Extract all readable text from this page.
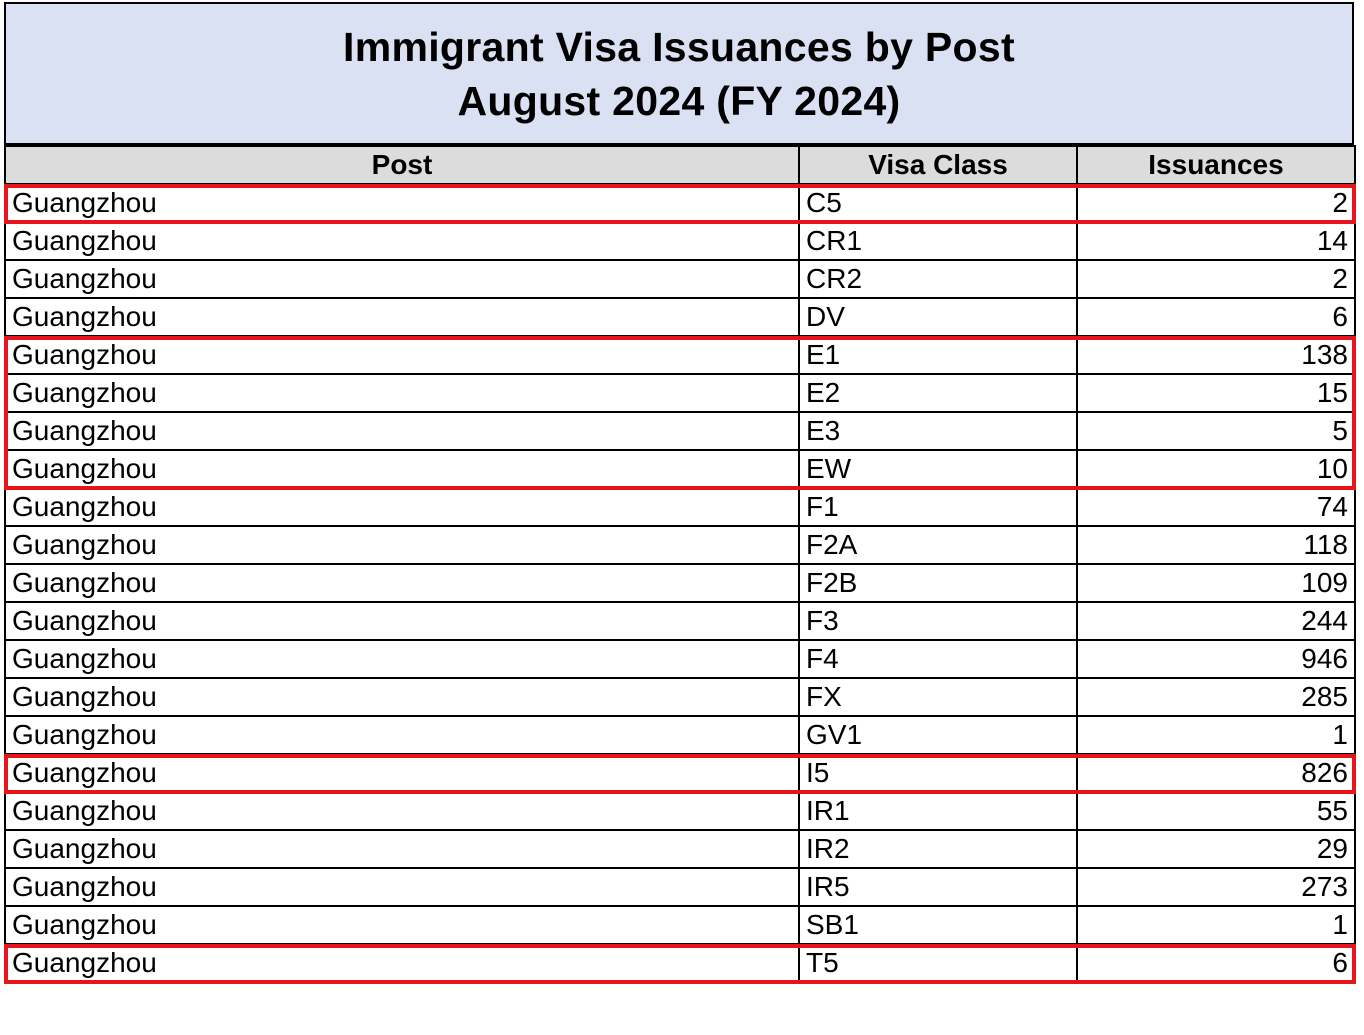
Immigrant Visa Issuances by Post
August 2024 (FY 2024)
Post	Visa Class	Issuances
Guangzhou	C5	2
Guangzhou	CR1	14
Guangzhou	CR2	2
Guangzhou	DV	6
Guangzhou	E1	138
Guangzhou	E2	15
Guangzhou	E3	5
Guangzhou	EW	10
Guangzhou	F1	74
Guangzhou	F2A	118
Guangzhou	F2B	109
Guangzhou	F3	244
Guangzhou	F4	946
Guangzhou	FX	285
Guangzhou	GV1	1
Guangzhou	I5	826
Guangzhou	IR1	55
Guangzhou	IR2	29
Guangzhou	IR5	273
Guangzhou	SB1	1
Guangzhou	T5	6
